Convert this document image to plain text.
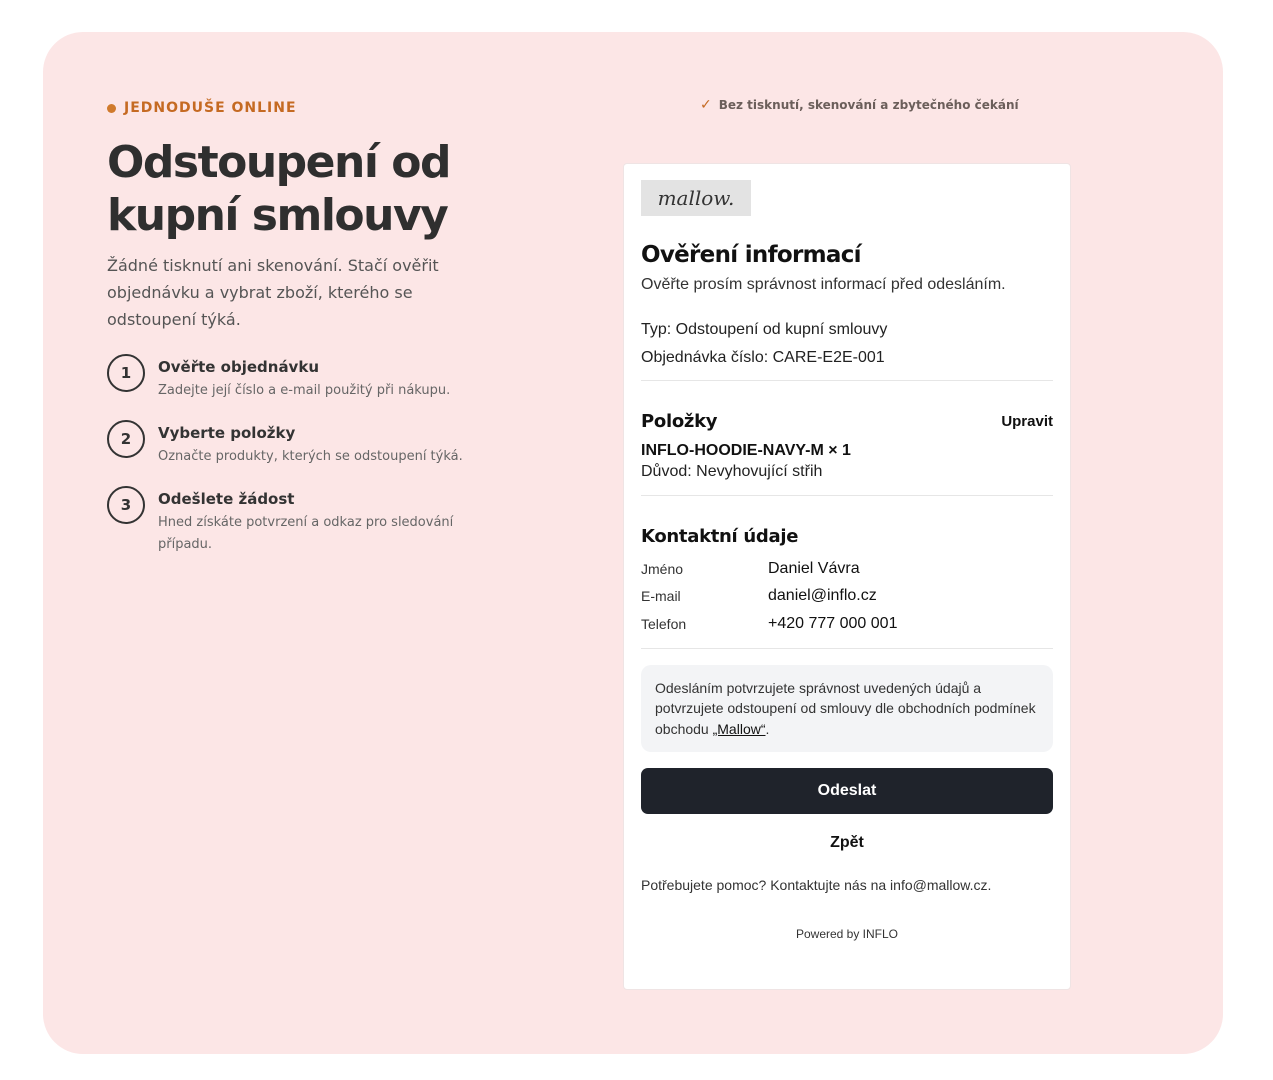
JEDNODUŠE ONLINE
Odstoupení od kupní smlouvy

Žádné tisknutí ani skenování. Stačí ověřit objednávku a vybrat zboží, kterého se odstoupení týká.

1	Ověřte objednávku
Zadejte její číslo a e-mail použitý při nákupu.
2	Vyberte položky
Označte produkty, kterých se odstoupení týká.
3	Odešlete žádost
Hned získáte potvrzení a odkaz pro sledování případu.
✓ Bez tisknutí, skenování a zbytečného čekání
mallow.
Ověření informací

Ověřte prosím správnost informací před odesláním.

Typ: Odstoupení od kupní smlouvy
Objednávka číslo: CARE-E2E-001
Položky	Upravit
INFLO-HOODIE-NAVY-M × 1
Důvod: Nevyhovující střih
Kontaktní údaje
Jméno	Daniel Vávra
E-mail	daniel@inflo.cz
Telefon	+420 777 000 001
Odesláním potvrzujete správnost uvedených údajů a potvrzujete odstoupení od smlouvy dle obchodních podmínek obchodu „Mallow“.
Odeslat
Zpět

Potřebujete pomoc? Kontaktujte nás na info@mallow.cz.

Powered by INFLO
